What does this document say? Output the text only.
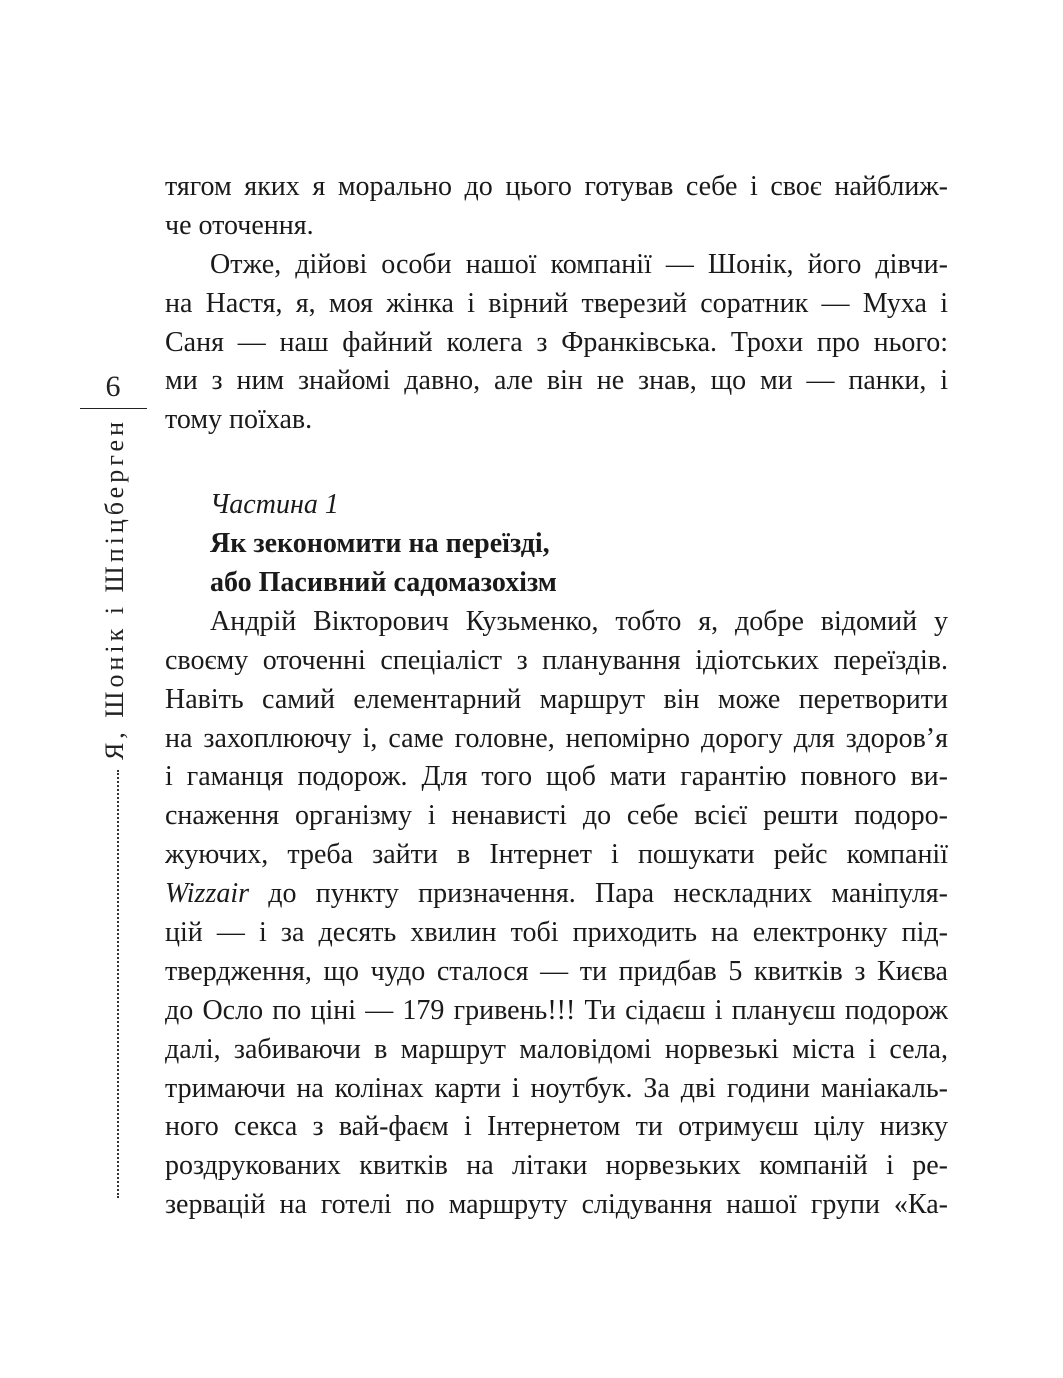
6
Я, Шонік і Шпіцберген
тягом яких я морально до цього готував себе і своє найближ-
че оточення.
Отже, дійові особи нашої компанії — Шонік, його дівчи-
на Настя, я, моя жінка і вірний тверезий соратник — Муха і
Саня — наш файний колега з Франківська. Трохи про нього:
ми з ним знайомі давно, але він не знав, що ми — панки, і
тому поїхав.
Частина 1
Як зекономити на переїзді,
або Пасивний садомазохізм
Андрій Вікторович Кузьменко, тобто я, добре відомий у
своєму оточенні спеціаліст з планування ідіотських переїздів.
Навіть самий елементарний маршрут він може перетворити
на захоплюючу і, саме головне, непомірно дорогу для здоров’я
і гаманця подорож. Для того щоб мати гарантію повного ви-
снаження організму і ненависті до себе всієї решти подоро-
жуючих, треба зайти в Інтернет і пошукати рейс компанії
Wizzair до пункту призначення. Пара нескладних маніпуля-
цій — і за десять хвилин тобі приходить на електронку під-
твердження, що чудо сталося — ти придбав 5 квитків з Києва
до Осло по ціні — 179 гривень!!! Ти сідаєш і плануєш подорож
далі, забиваючи в маршрут маловідомі норвезькі міста і села,
тримаючи на колінах карти і ноутбук. За дві години маніакаль-
ного секса з вай-фаєм і Інтернетом ти отримуєш цілу низку
роздрукованих квитків на літаки норвезьких компаній і ре-
зервацій на готелі по маршруту слідування нашої групи «Ка-
